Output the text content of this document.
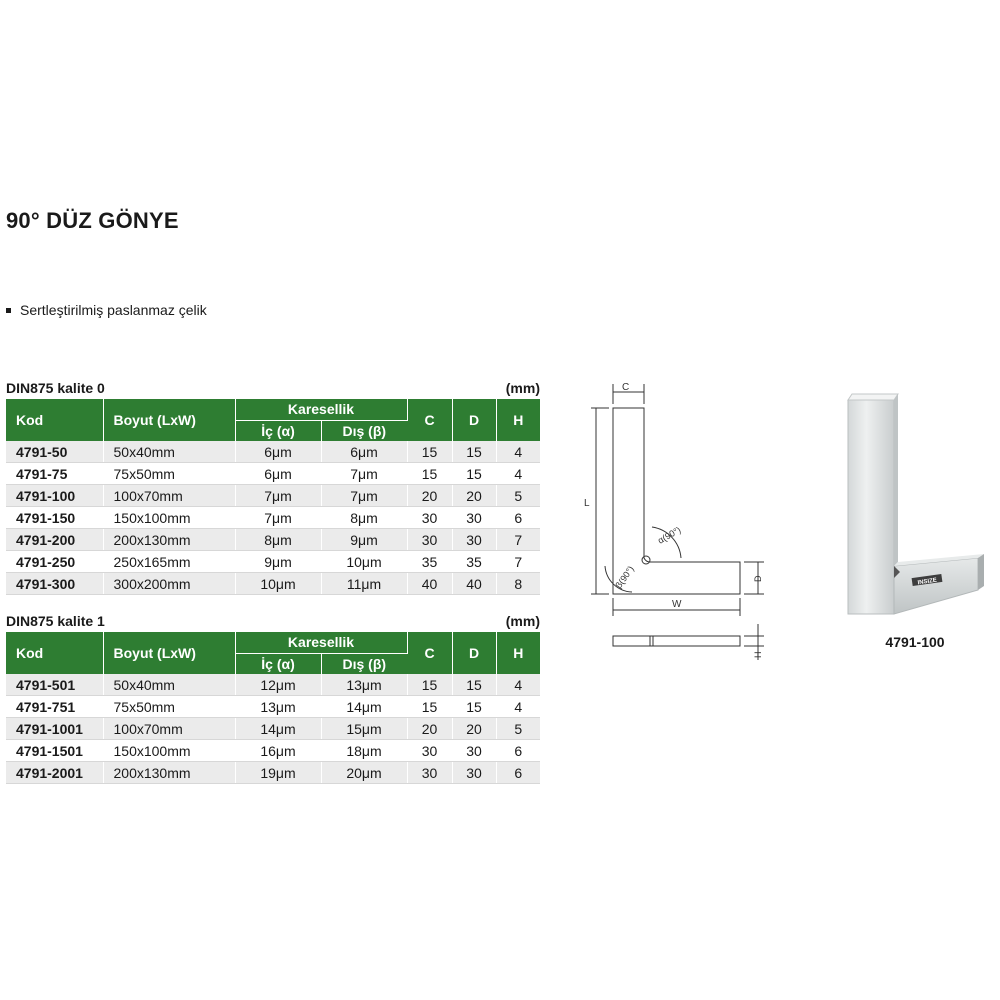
90° DÜZ GÖNYE
Sertleştirilmiş paslanmaz çelik
DIN875 kalite 0	(mm)
Kod	Boyut (LxW)	Karesellik		C	D	H
		İç (α)	Dış (β)			
4791-50	50x40mm	6μm	6μm	15	15	4
4791-75	75x50mm	6μm	7μm	15	15	4
4791-100	100x70mm	7μm	7μm	20	20	5
4791-150	150x100mm	7μm	8μm	30	30	6
4791-200	200x130mm	8μm	9μm	30	30	7
4791-250	250x165mm	9μm	10μm	35	35	7
4791-300	300x200mm	10μm	11μm	40	40	8
DIN875 kalite 1	(mm)
Kod	Boyut (LxW)	Karesellik		C	D	H
		İç (α)	Dış (β)			
4791-501	50x40mm	12μm	13μm	15	15	4
4791-751	75x50mm	13μm	14μm	15	15	4
4791-1001	100x70mm	14μm	15μm	20	20	5
4791-1501	150x100mm	16μm	18μm	30	30	6
4791-2001	200x130mm	19μm	20μm	30	30	6
C
L
D
W
H
α(90°)
β(90°)	INSIZE
4791-100
